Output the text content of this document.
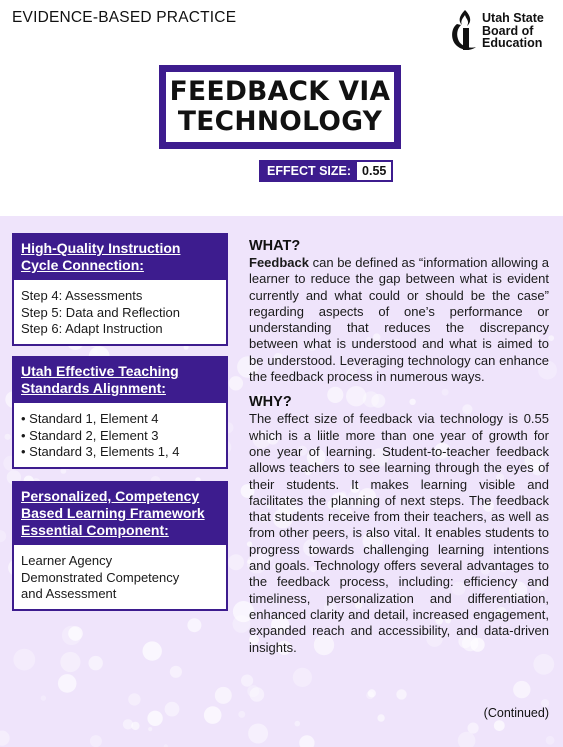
EVIDENCE-BASED PRACTICE	Utah State
Board of
Education
FEEDBACK VIA
TECHNOLOGY
EFFECT SIZE: 0.55
High-Quality Instruction
Cycle Connection:
Step 4: Assessments
Step 5: Data and Reflection
Step 6: Adapt Instruction
Utah Effective Teaching
Standards Alignment:
• Standard 1, Element 4
• Standard 2, Element 3
• Standard 3, Elements 1, 4
Personalized, Competency
Based Learning Framework
Essential Component:
Learner Agency
Demonstrated Competency
and Assessment
WHAT?

Feedback can be defined as “information allowing a learner to reduce the gap between what is evident currently and what could or should be the case” regarding aspects of one’s performance or understanding that reduces the discrepancy between what is understood and what is aimed to be understood. Leveraging technology can enhance the feedback process in numerous ways.

WHY?

The effect size of feedback via technology is 0.55 which is a liitle more than one year of growth for one year of learning. Student-to-teacher feedback allows teachers to see learning through the eyes of their students. It makes learning visible and facilitates the planning of next steps. The feedback that students receive from their teachers, as well as from other peers, is also vital. It enables students to progress towards challenging learning intentions and goals. Technology offers several advantages to the feedback process, including: efficiency and timeliness, personalization and differentiation, enhanced clarity and detail, increased engagement, expanded reach and accessibility, and data-driven insights.

(Continued)
